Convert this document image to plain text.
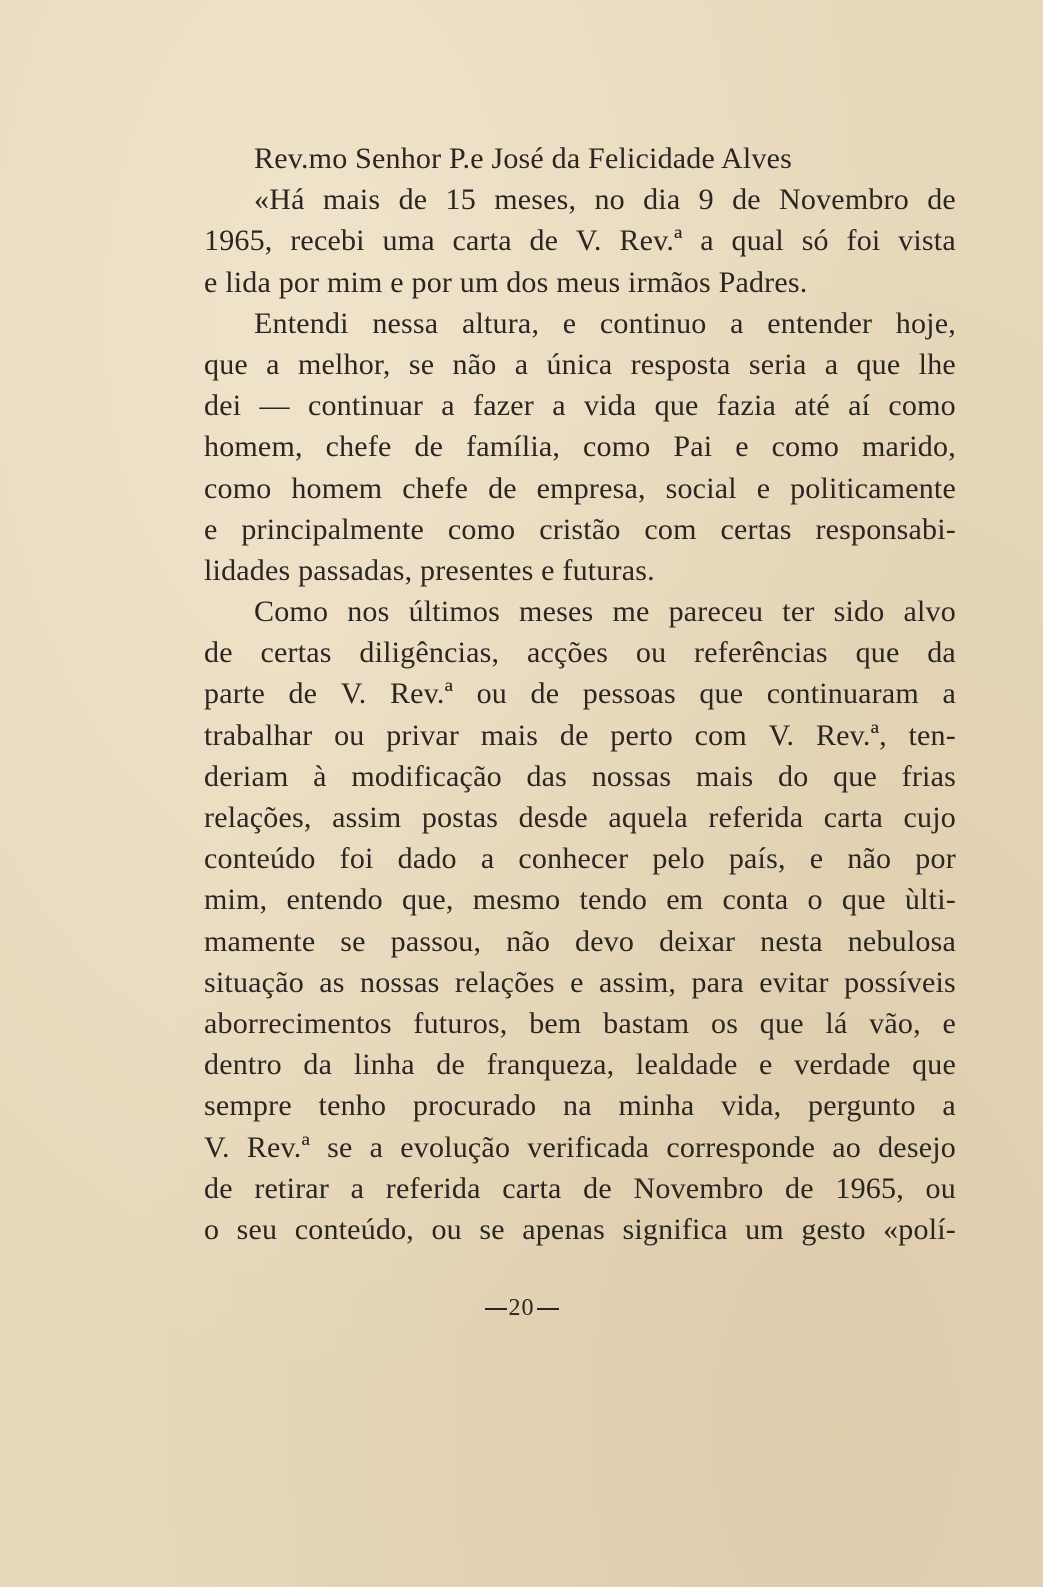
Rev.mo Senhor P.e José da Felicidade Alves
«Há mais de 15 meses, no dia 9 de Novembro de
1965, recebi uma carta de V. Rev.ª a qual só foi vista
e lida por mim e por um dos meus irmãos Padres.
Entendi nessa altura, e continuo a entender hoje,
que a melhor, se não a única resposta seria a que lhe
dei — continuar a fazer a vida que fazia até aí como
homem, chefe de família, como Pai e como marido,
como homem chefe de empresa, social e politicamente
e principalmente como cristão com certas responsabi-
lidades passadas, presentes e futuras.
Como nos últimos meses me pareceu ter sido alvo
de certas diligências, acções ou referências que da
parte de V. Rev.ª ou de pessoas que continuaram a
trabalhar ou privar mais de perto com V. Rev.ª, ten-
deriam à modificação das nossas mais do que frias
relações, assim postas desde aquela referida carta cujo
conteúdo foi dado a conhecer pelo país, e não por
mim, entendo que, mesmo tendo em conta o que ùlti-
mamente se passou, não devo deixar nesta nebulosa
situação as nossas relações e assim, para evitar possíveis
aborrecimentos futuros, bem bastam os que lá vão, e
dentro da linha de franqueza, lealdade e verdade que
sempre tenho procurado na minha vida, pergunto a
V. Rev.ª se a evolução verificada corresponde ao desejo
de retirar a referida carta de Novembro de 1965, ou
o seu conteúdo, ou se apenas significa um gesto «polí-
20
